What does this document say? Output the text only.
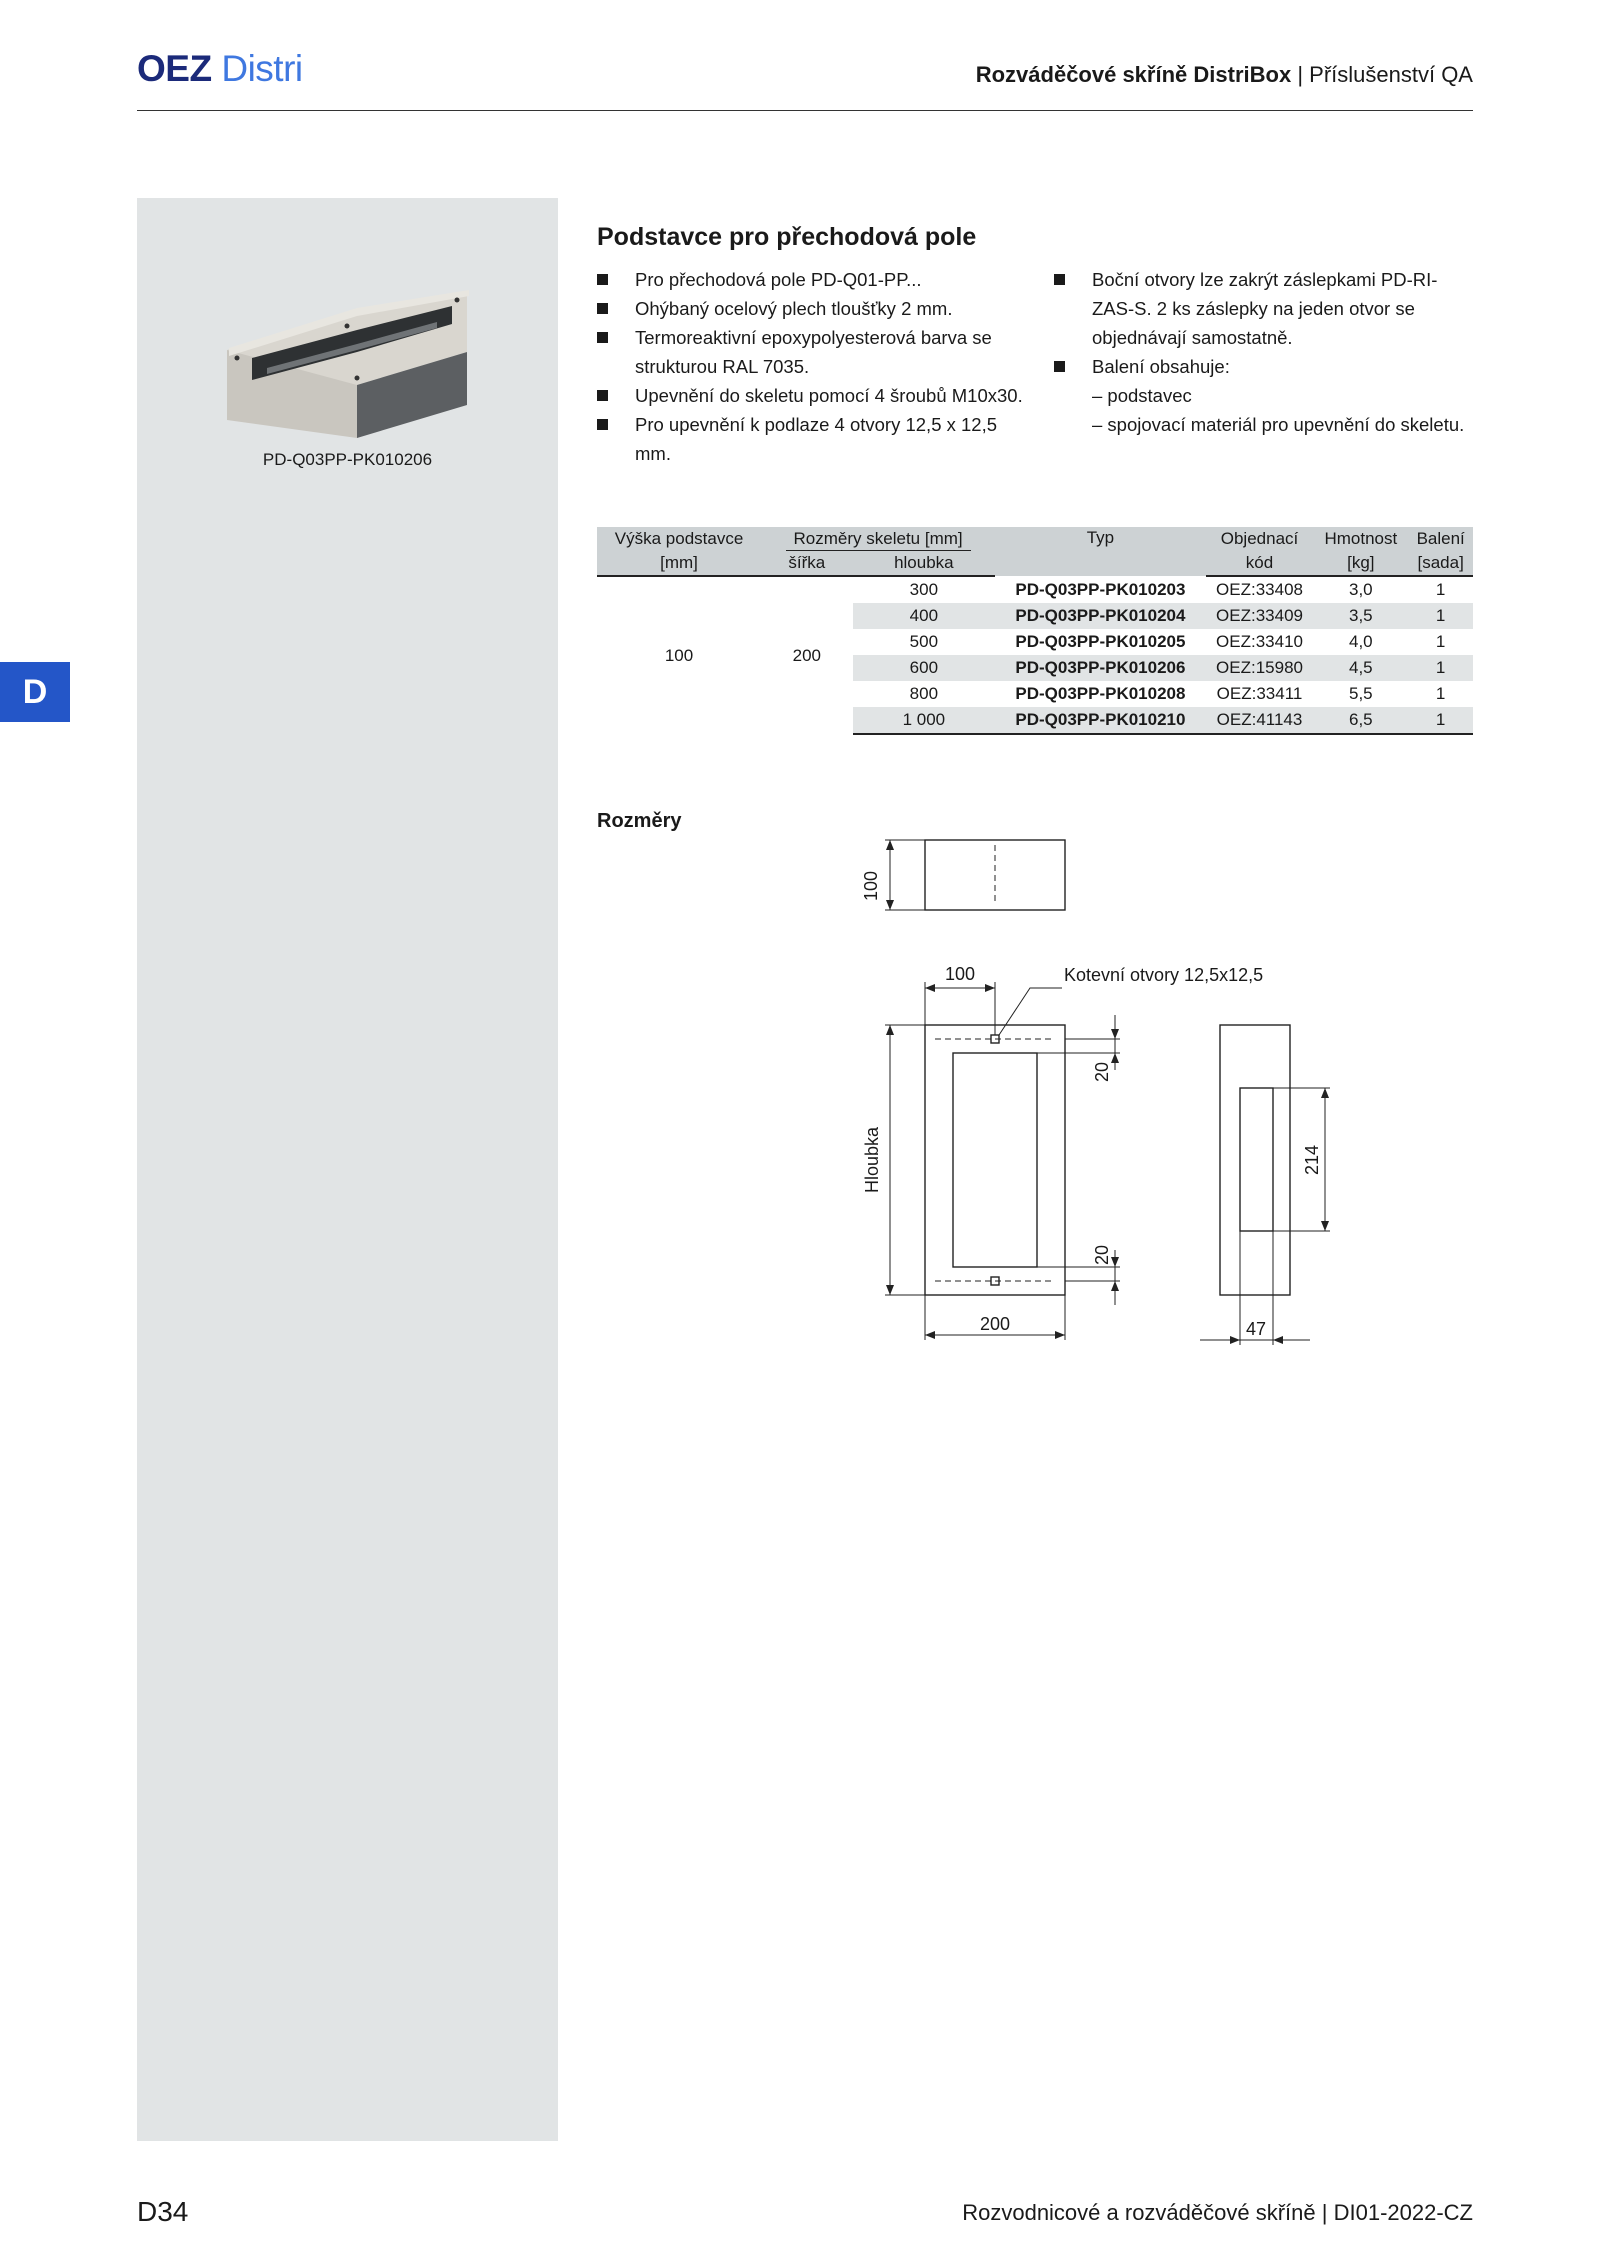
OEZ Distri	Rozváděčové skříně DistriBox | Příslušenství QA
D
PD-Q03PP-PK010206
Podstavce pro přechodová pole
Pro přechodová pole PD-Q01-PP...
Ohýbaný ocelový plech tloušťky 2 mm.
Termoreaktivní epoxypolyesterová barva se strukturou RAL 7035.
Upevnění do skeletu pomocí 4 šroubů M10x30.
Pro upevnění k podlaze 4 otvory 12,5 x 12,5 mm.
Boční otvory lze zakrýt záslepkami PD-RI-ZAS-S. 2 ks záslepky na jeden otvor se objednávají samostatně.
Balení obsahuje:
– podstavec
– spojovací materiál pro upevnění do skeletu.
Výška podstavce	Rozměry skeletu [mm]		Typ	Objednací	Hmotnost	Balení
[mm]	šířka	hloubka		kód	[kg]	[sada]
100	200	300	PD-Q03PP-PK010203	OEZ:33408	3,0	1
		400	PD-Q03PP-PK010204	OEZ:33409	3,5	1
		500	PD-Q03PP-PK010205	OEZ:33410	4,0	1
		600	PD-Q03PP-PK010206	OEZ:15980	4,5	1
		800	PD-Q03PP-PK010208	OEZ:33411	5,5	1
		1 000	PD-Q03PP-PK010210	OEZ:41143	6,5	1
Rozměry
100
100	Kotevní otvory 12,5x12,5
20
20
Hloubka
200
214
47
D34	Rozvodnicové a rozváděčové skříně | DI01-2022-CZ
